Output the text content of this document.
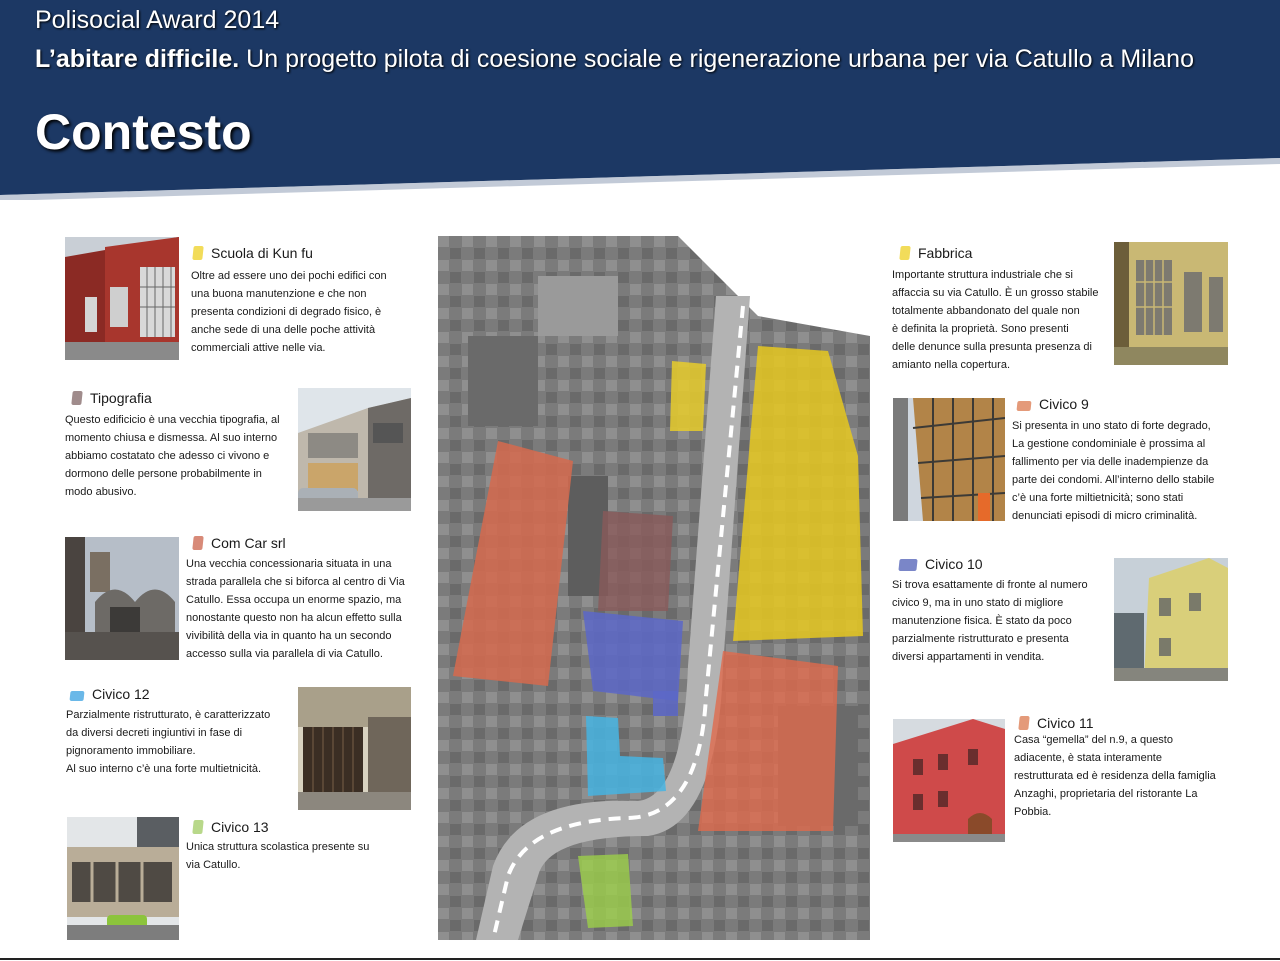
Polisocial Award 2014
L’abitare difficile. Un progetto pilota di coesione sociale e rigenerazione urbana per via Catullo a Milano
Contesto
Scuola di Kun fu
Oltre ad essere uno dei pochi edifici con
una buona manutenzione e che non
presenta condizioni di degrado fisico, è
anche sede di una delle poche attività
commerciali attive nelle via.
Tipografia
Questo edificicio è una vecchia tipografia, al
momento chiusa e dismessa. Al suo interno
abbiamo costatato che adesso ci vivono e
dormono delle persone probabilmente in
modo abusivo.
Com Car srl
Una vecchia concessionaria situata in una
strada parallela che si biforca al centro di Via
Catullo. Essa occupa un enorme spazio, ma
nonostante questo non ha alcun effetto sulla
vivibilità della via in quanto ha un secondo
accesso sulla via parallela di via Catullo.
Civico 12
Parzialmente ristrutturato, è caratterizzato
da diversi decreti ingiuntivi in fase di
pignoramento immobiliare.
Al suo interno c’è una forte multietnicità.
Civico 13
Unica struttura scolastica presente su
via Catullo.
Fabbrica
Importante struttura industriale che si
affaccia su via Catullo. È un grosso stabile
totalmente abbandonato del quale non
è definita la proprietà. Sono presenti
delle denunce sulla presunta presenza di
amianto nella copertura.
Civico 9
Si presenta in uno stato di forte degrado,
La gestione condominiale è prossima al
fallimento per via delle inadempienze da
parte dei condomi. All’interno dello stabile
c’è una forte miltietnicità; sono stati
denunciati episodi di micro criminalità.
Civico 10
Si trova esattamente di fronte al numero
civico 9, ma in uno stato di migliore
manutenzione fisica. È stato da poco
parzialmente ristrutturato e presenta
diversi appartamenti in vendita.
Civico 11
Casa “gemella” del n.9, a questo
adiacente, è stata interamente
restrutturata ed è residenza della famiglia
Anzaghi, proprietaria del ristorante La
Pobbia.
